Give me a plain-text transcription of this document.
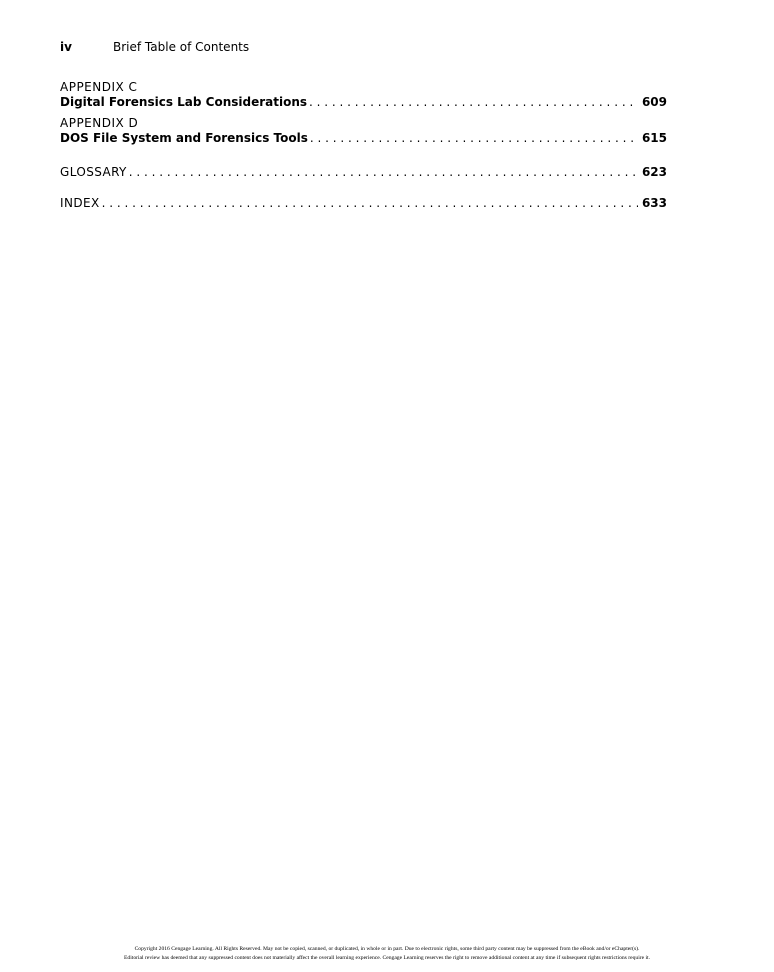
iv	Brief Table of Contents
APPENDIX C
Digital Forensics Lab Considerations . . .	609
APPENDIX D
DOS File System and Forensics Tools . . .	615
GLOSSARY . . .	623
INDEX . . .	633
Copyright 2016 Cengage Learning. All Rights Reserved. May not be copied, scanned, or duplicated, in whole or in part. Due to electronic rights, some third party content may be suppressed from the eBook and/or eChapter(s).
Editorial review has deemed that any suppressed content does not materially affect the overall learning experience. Cengage Learning reserves the right to remove additional content at any time if subsequent rights restrictions require it.
